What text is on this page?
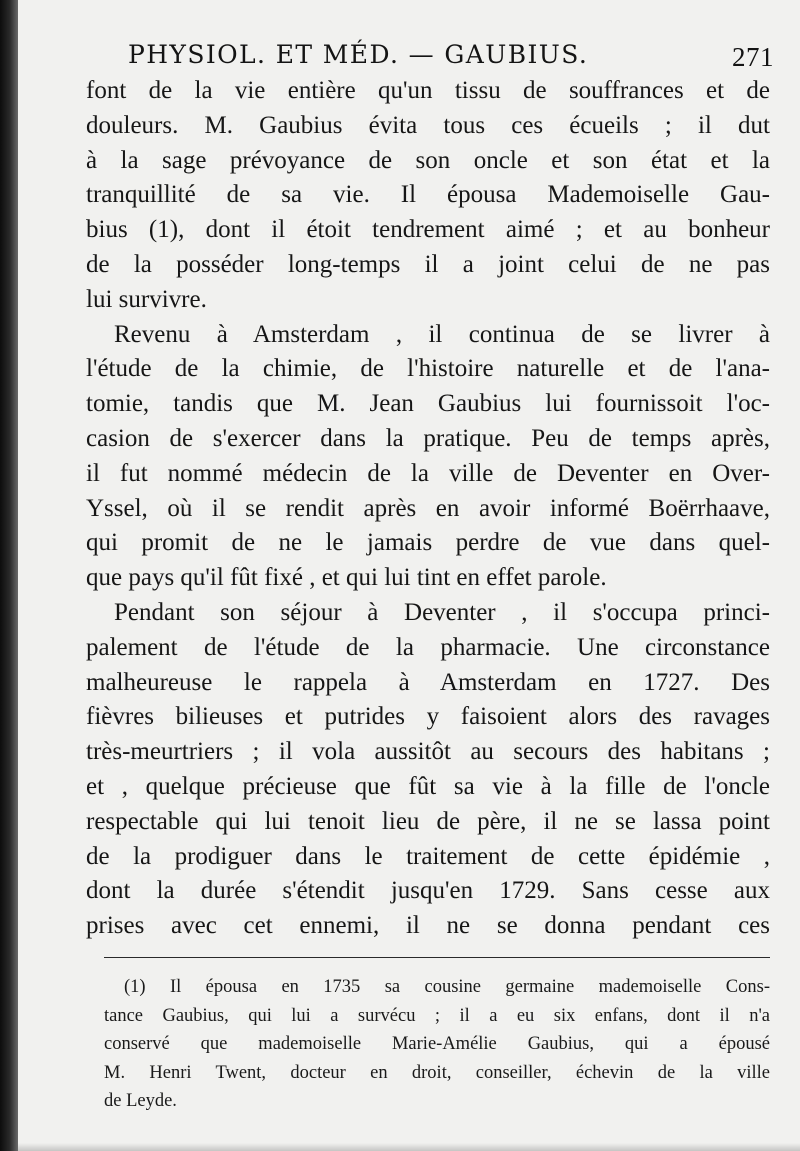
PHYSIOL. ET MÉD. — GAUBIUS.	271
font de la vie entière qu'un tissu de souffrances et de
douleurs. M. Gaubius évita tous ces écueils ; il dut
à la sage prévoyance de son oncle et son état et la
tranquillité de sa vie. Il épousa Mademoiselle Gau-
bius (1), dont il étoit tendrement aimé ; et au bonheur
de la posséder long-temps il a joint celui de ne pas
lui survivre.
Revenu à Amsterdam , il continua de se livrer à
l'étude de la chimie, de l'histoire naturelle et de l'ana-
tomie, tandis que M. Jean Gaubius lui fournissoit l'oc-
casion de s'exercer dans la pratique. Peu de temps après,
il fut nommé médecin de la ville de Deventer en Over-
Yssel, où il se rendit après en avoir informé Boërrhaave,
qui promit de ne le jamais perdre de vue dans quel-
que pays qu'il fût fixé , et qui lui tint en effet parole.
Pendant son séjour à Deventer , il s'occupa princi-
palement de l'étude de la pharmacie. Une circonstance
malheureuse le rappela à Amsterdam en 1727. Des
fièvres bilieuses et putrides y faisoient alors des ravages
très-meurtriers ; il vola aussitôt au secours des habitans ;
et , quelque précieuse que fût sa vie à la fille de l'oncle
respectable qui lui tenoit lieu de père, il ne se lassa point
de la prodiguer dans le traitement de cette épidémie ,
dont la durée s'étendit jusqu'en 1729. Sans cesse aux
prises avec cet ennemi, il ne se donna pendant ces
(1) Il épousa en 1735 sa cousine germaine mademoiselle Cons-
tance Gaubius, qui lui a survécu ; il a eu six enfans, dont il n'a
conservé que mademoiselle Marie-Amélie Gaubius, qui a épousé
M. Henri Twent, docteur en droit, conseiller, échevin de la ville
de Leyde.
